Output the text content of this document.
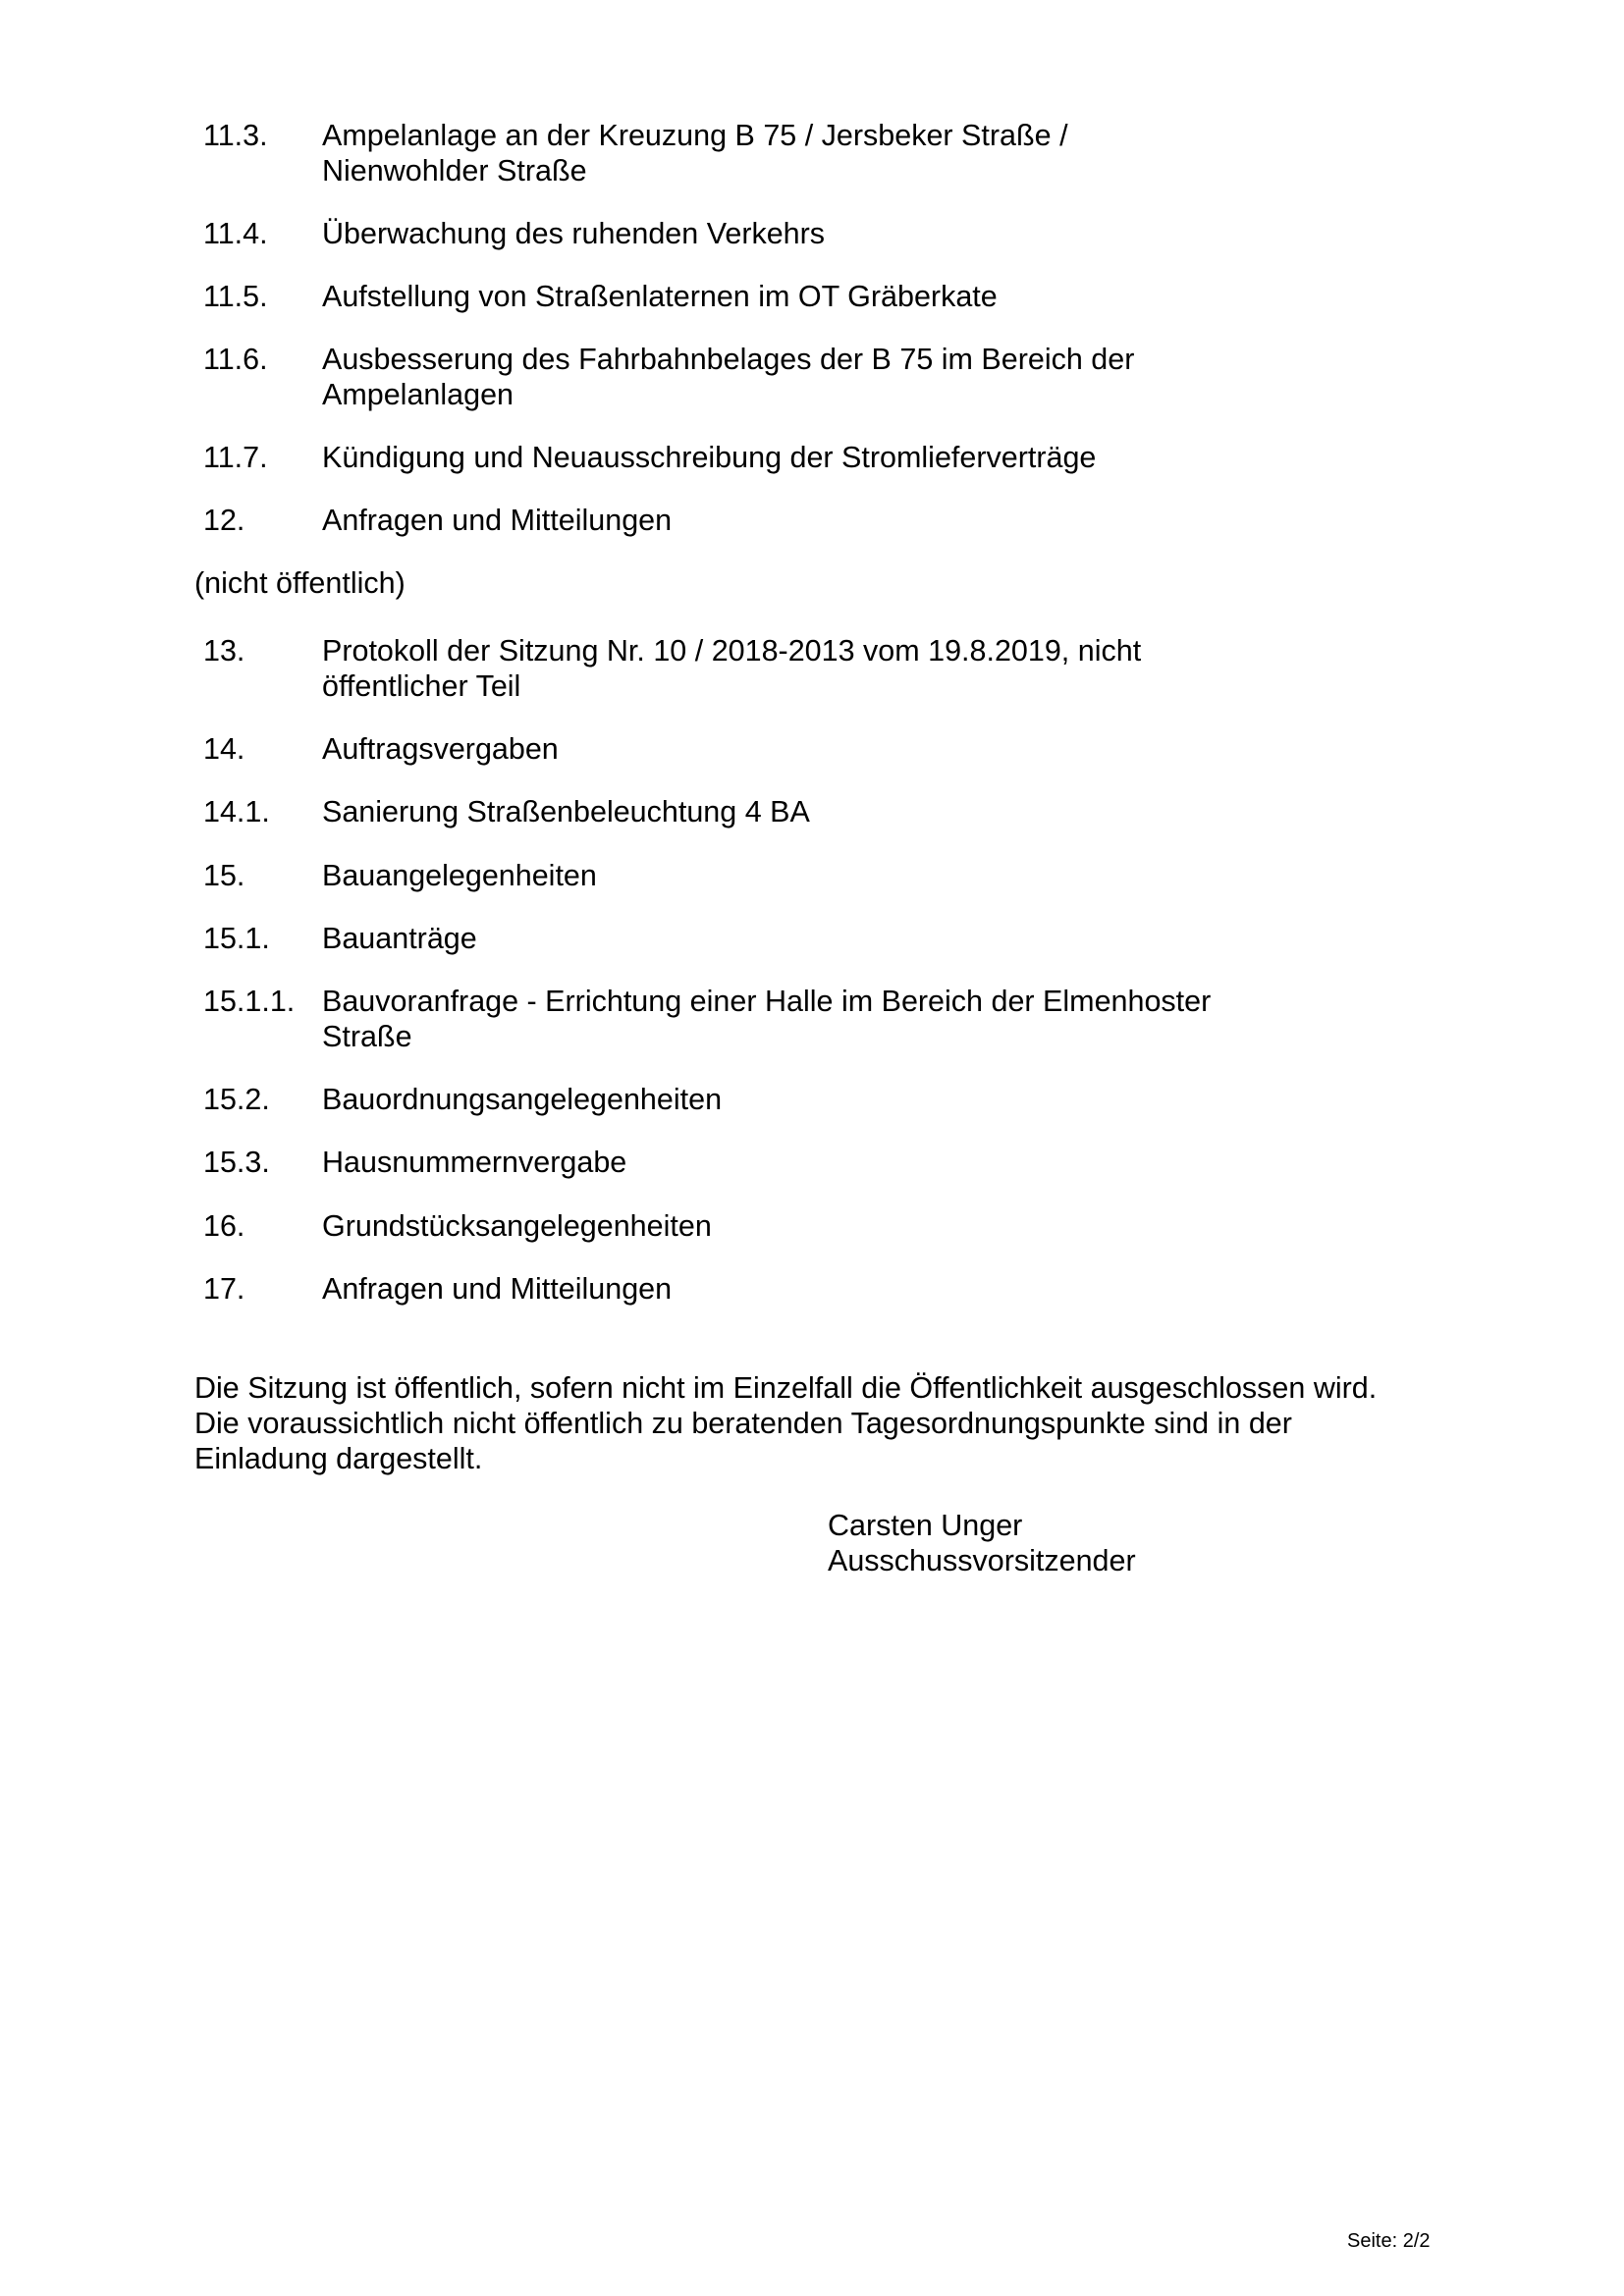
11.3.	Ampelanlage an der Kreuzung B 75 / Jersbeker Straße / Nienwohlder Straße
11.4.	Überwachung des ruhenden Verkehrs
11.5.	Aufstellung von Straßenlaternen im OT Gräberkate
11.6.	Ausbesserung des Fahrbahnbelages der B 75 im Bereich der Ampelanlagen
11.7.	Kündigung und Neuausschreibung der Stromlieferverträge
12.	Anfragen und Mitteilungen
(nicht öffentlich)
13.	Protokoll der Sitzung Nr. 10 / 2018-2013 vom 19.8.2019, nicht öffentlicher Teil
14.	Auftragsvergaben
14.1.	Sanierung Straßenbeleuchtung 4 BA
15.	Bauangelegenheiten
15.1.	Bauanträge
15.1.1. Bauvoranfrage - Errichtung einer Halle im Bereich der Elmenhoster Straße
15.2.	Bauordnungsangelegenheiten
15.3.	Hausnummernvergabe
16.	Grundstücksangelegenheiten
17.	Anfragen und Mitteilungen

Die Sitzung ist öffentlich, sofern nicht im Einzelfall die Öffentlichkeit ausgeschlossen wird.

Die voraussichtlich nicht öffentlich zu beratenden Tagesordnungspunkte sind in der

Einladung dargestellt.

Carsten Unger
Ausschussvorsitzender
Seite: 2/2
